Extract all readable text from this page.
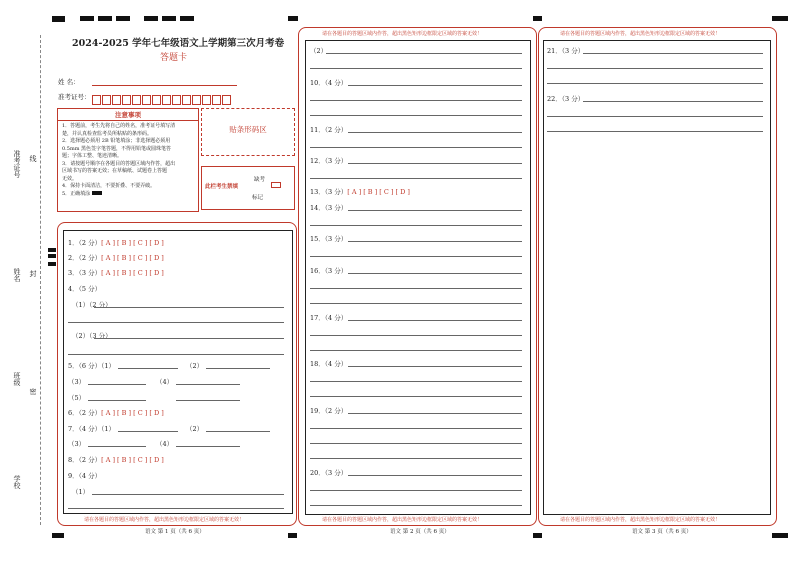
准考证号 线
姓名 封
班级
密
学校
2024-2025 学年七年级语文上学期第三次月考卷
答题卡
姓 名：
准考证号：
注意事项
1．答题前，考生先将自己的姓名，准考证号填写清
楚，并认真检查监考员所粘贴的条形码。
2．选择题必须用 2B 铅笔填涂；非选择题必须用
0.5mm 黑色签字笔答题，不得用铅笔或圆珠笔答
题；字体工整、笔迹清晰。
3．请按题号顺序在各题目的答题区域内作答，超出
区域书写的答案无效；在草稿纸、试题卷上答题
无效。
4．保持卡面清洁，不要折叠、不要弄破。
5．正确填涂
贴条形码区
此栏考生禁填
缺考
标记
1．（2 分）[ A ] [ B ] [ C ] [ D ]
2．（2 分）[ A ] [ B ] [ C ] [ D ]
3．（3 分）[ A ] [ B ] [ C ] [ D ]
4．（5 分）
（1）（2 分）
（2）（3 分）
5．（6 分）（1）	（2）
（3）	（4）
（5）
6．（2 分）[ A ] [ B ] [ C ] [ D ]
7．（4 分）（1）	（2）
（3）	（4）
8．（2 分）[ A ] [ B ] [ C ] [ D ]
9．（4 分）
（1）
请在各题目的答题区域内作答，超出黑色矩形边框限定区域的答案无效！
语文 第 1 页（共 6 页）
请在各题目的答题区域内作答，超出黑色矩形边框限定区域的答案无效！
（2）
10．（4 分）
11．（2 分）
12．（3 分）
13．（3 分）[ A ] [ B ] [ C ] [ D ]
14．（3 分）
15．（3 分）
16．（3 分）
17．（4 分）
18．（4 分）
19．（2 分）
20．（3 分）
请在各题目的答题区域内作答，超出黑色矩形边框限定区域的答案无效！
语文 第 2 页（共 6 页）
请在各题目的答题区域内作答，超出黑色矩形边框限定区域的答案无效！
21．（3 分）
22．（3 分）
请在各题目的答题区域内作答，超出黑色矩形边框限定区域的答案无效！
语文 第 3 页（共 6 页）
